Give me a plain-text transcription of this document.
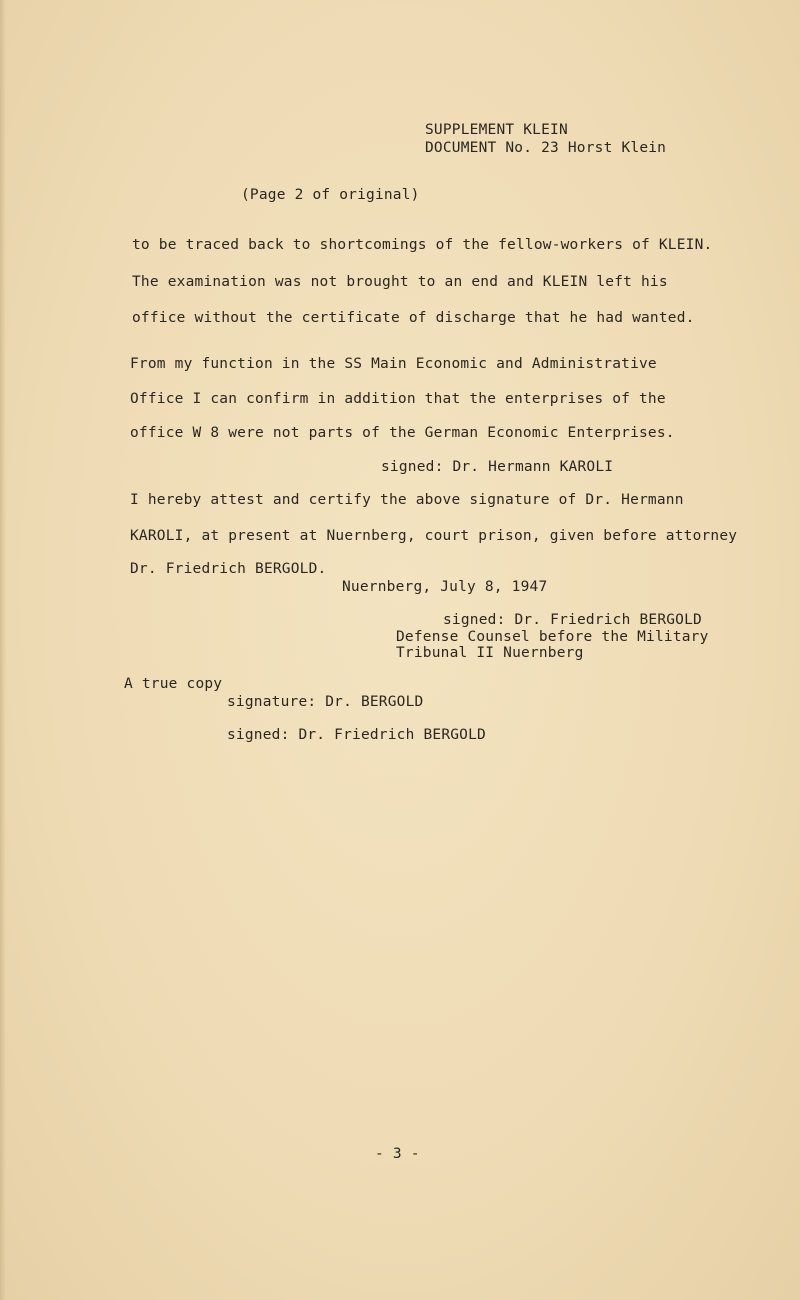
SUPPLEMENT KLEIN

DOCUMENT No. 23 Horst Klein

(Page 2 of original)

to be traced back to shortcomings of the fellow-workers of KLEIN.

The examination was not brought to an end and KLEIN left his

office without the certificate of discharge that he had wanted.

From my function in the SS Main Economic and Administrative

Office I can confirm in addition that the enterprises of the

office W 8 were not parts of the German Economic Enterprises.

signed: Dr. Hermann KAROLI

I hereby attest and certify the above signature of Dr. Hermann

KAROLI, at present at Nuernberg, court prison, given before attorney

Dr. Friedrich BERGOLD.

Nuernberg, July 8, 1947

signed: Dr. Friedrich BERGOLD

Defense Counsel before the Military

Tribunal II Nuernberg

A true copy

signature: Dr. BERGOLD

signed: Dr. Friedrich BERGOLD

- 3 -
